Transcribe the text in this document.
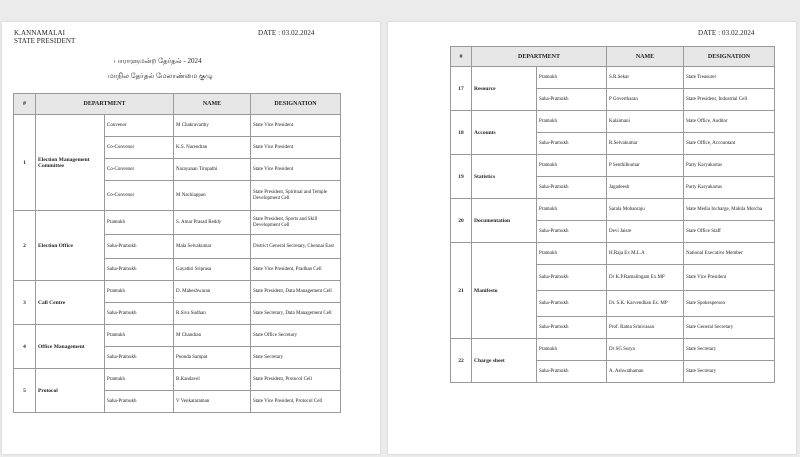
K.ANNAMALAI
STATE PRESIDENT
DATE : 03.02.2024
பாராளுமன்ற தேர்தல் - 2024
மாநில தேர்தல் மேலாண்மை குழு
#	DEPARTMENT		NAME	DESIGNATION
1	Election Management Committee	Convenor	M Chakravarthy	State Vice President
		Co-Convenor	K.S. Narendran	State Vice President
		Co-Convenor	Narayanan Tirupathi	State Vice President
		Co-Convenor	M Nachiappan	State President, Spiritual and Temple Development Cell
2	Election Office	Pramukh	S. Amar Prasad Reddy	State President, Sports and Skill Development Cell
		Saha-Pramukh	Mala Selvakumar	District General Secretary, Chennai East
		Saha-Pramukh	Gayathri Sriprasa	State Vice President, Pradhan Cell
3	Call Centre	Pramukh	D. Maheshwaran	State President, Data Management Cell
		Saha-Pramukh	R.Siva Sudhan	State Secretary, Data Management Cell
4	Office Management	Pramukh	M Chandran	State Office Secretary
		Saha-Pramukh	Poonda Sampat	State Secretary
5	Protocol	Pramukh	B.Kandavel	State President, Protocol Cell
		Saha-Pramukh	V Venkataraman	State Vice President, Protocol Cell
DATE : 03.02.2024
#	DEPARTMENT		NAME	DESIGNATION
17	Resource	Pramukh	S.R.Sekar	State Treasurer
		Saha-Pramukh	P Govertharan	State President, Industrial Cell
18	Accounts	Pramukh	Kalaimani	State Office, Auditor
		Saha-Pramukh	R.Selvakumar	State Office, Accountant
19	Statistics	Pramukh	P Senthilkumar	Party Karyakartas
		Saha-Pramukh	Jagadeesh	Party Karyakartas
20	Documentation	Pramukh	Sarala Mohanraju	State Media Incharge, Mahila Morcha
		Saha-Pramukh	Devi Jaisre	State Office Staff
21	Manifesto	Pramukh	H.Raja Ex M.L.A	National Executive Member
		Saha-Pramukh	Dr K.P.Ramalingam Ex.MP	State Vice President
		Saha-Pramukh	Dr. S.K. Karvendhan Ex. MP	State Spokesperson
		Saha-Pramukh	Prof. Rama Srinivasan	State General Secretary
22	Charge sheet	Pramukh	Dr SG Surya	State Secretary
		Saha-Pramukh	A. Ashwathaman	State Secretary
